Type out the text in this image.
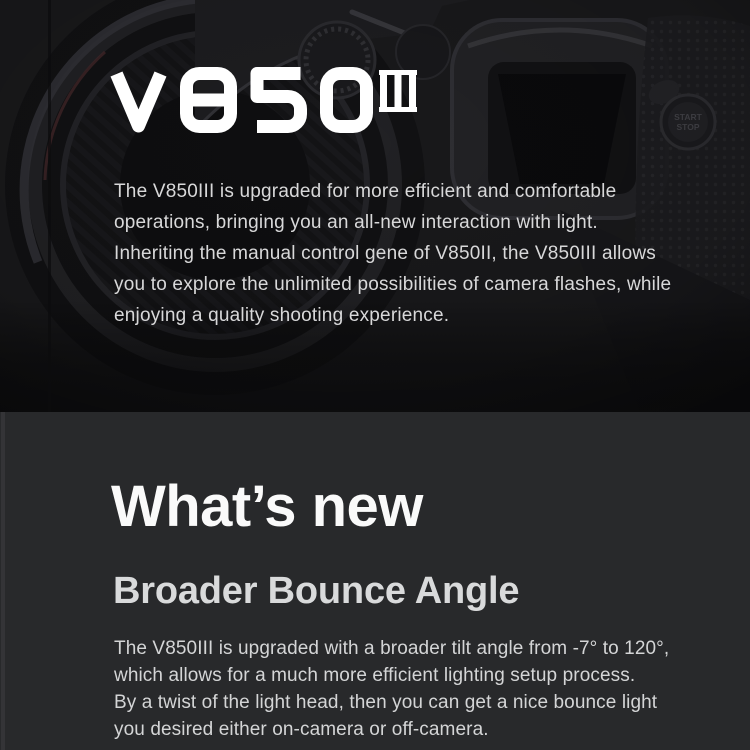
The V850III is upgraded for more efficient and comfortable
operations, bringing you an all-new interaction with light.
Inheriting the manual control gene of V850II, the V850III allows
you to explore the unlimited possibilities of camera flashes, while
enjoying a quality shooting experience.
What’s new
Broader Bounce Angle
The V850III is upgraded with a broader tilt angle from -7° to 120°,
which allows for a much more efficient lighting setup process.
By a twist of the light head, then you can get a nice bounce light
you desired either on-camera or off-camera.
